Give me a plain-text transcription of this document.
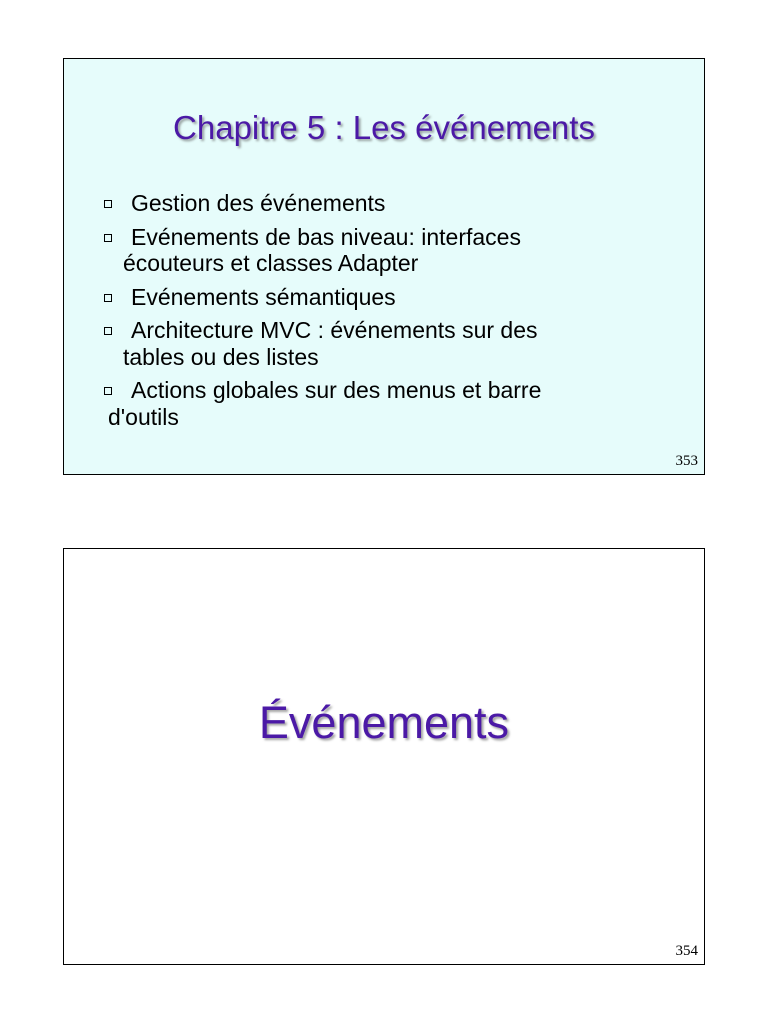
Chapitre 5 : Les événements
Gestion des événements
Evénements de bas niveau: interfaces
écouteurs et classes Adapter
Evénements sémantiques
Architecture MVC : événements sur des
tables ou des listes
Actions globales sur des menus et barre
d'outils
353
Événements
354
